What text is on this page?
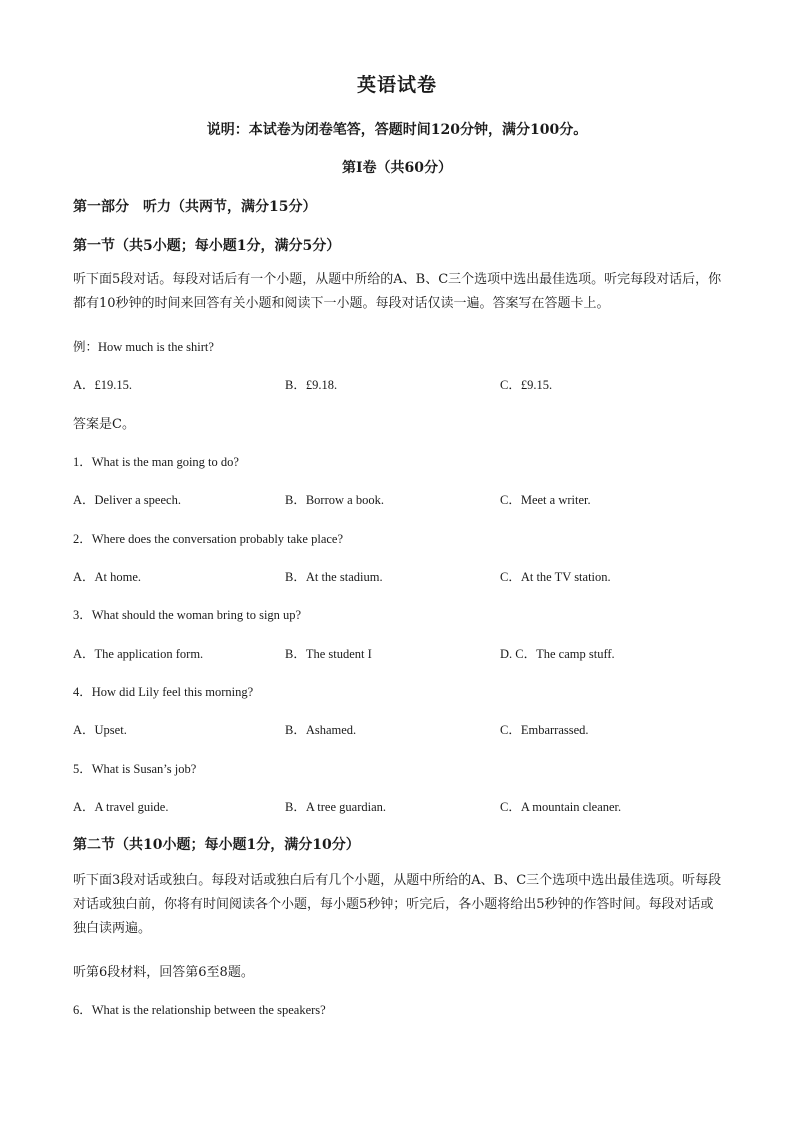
英语试卷
说明：本试卷为闭卷笔答，答题时间120分钟，满分100分。
第Ⅰ卷（共60分）
第一部分　听力（共两节，满分15分）
第一节（共5小题；每小题1分，满分5分）
听下面5段对话。每段对话后有一个小题，从题中所给的A、B、C三个选项中选出最佳选项。听完每段对话后，你都有10秒钟的时间来回答有关小题和阅读下一小题。每段对话仅读一遍。答案写在答题卡上。
例：How much is the shirt?
A．£19.15.	B．£9.18.	C．£9.15.
答案是C。
1．What is the man going to do?
A．Deliver a speech.	B．Borrow a book.	C．Meet a writer.
2．Where does the conversation probably take place?
A．At home.	B．At the stadium.	C．At the TV station.
3．What should the woman bring to sign up?
A．The application form.	B．The student I	D. C．The camp stuff.
4．How did Lily feel this morning?
A．Upset.	B．Ashamed.	C．Embarrassed.
5．What is Susan’s job?
A．A travel guide.	B．A tree guardian.	C．A mountain cleaner.
第二节（共10小题；每小题1分，满分10分）
听下面3段对话或独白。每段对话或独白后有几个小题，从题中所给的A、B、C三个选项中选出最佳选项。听每段对话或独白前，你将有时间阅读各个小题，每小题5秒钟；听完后，各小题将给出5秒钟的作答时间。每段对话或独白读两遍。
听第6段材料，回答第6至8题。
6．What is the relationship between the speakers?
